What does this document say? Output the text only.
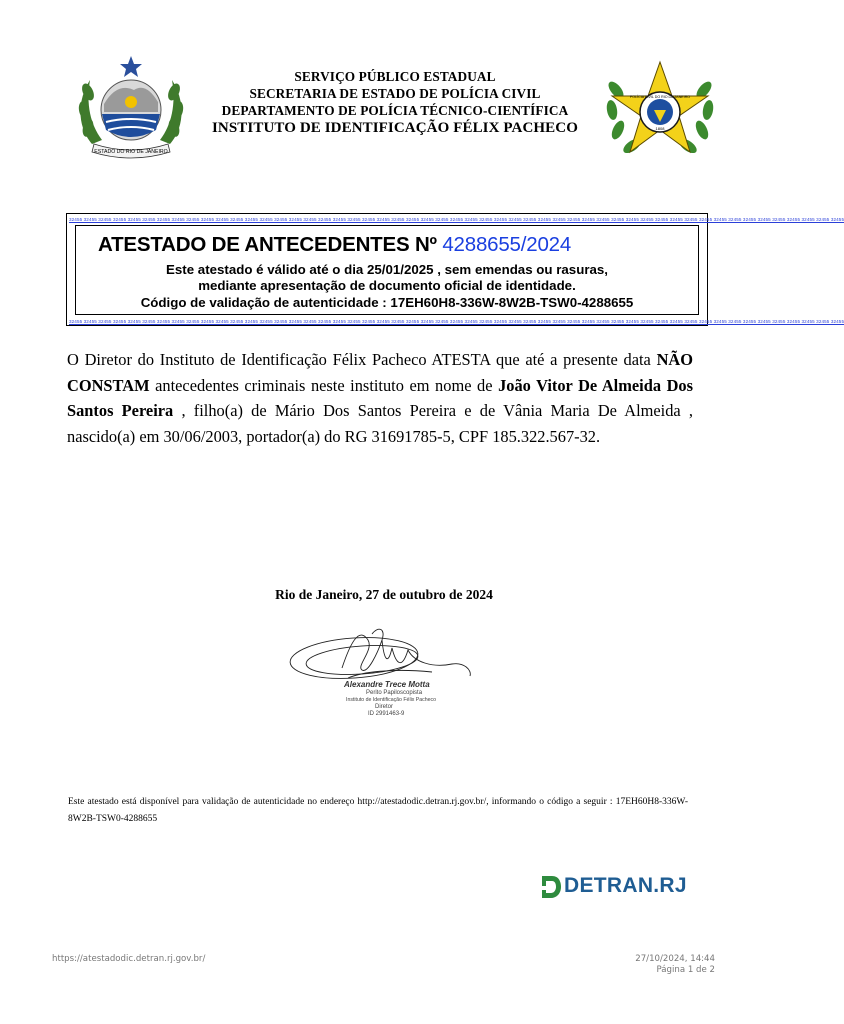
ESTADO DO RIO DE JANEIRO
SERVIÇO PÚBLICO ESTADUAL
SECRETARIA DE ESTADO DE POLÍCIA CIVIL
DEPARTAMENTO DE POLÍCIA TÉCNICO-CIENTÍFICA
INSTITUTO DE IDENTIFICAÇÃO FÉLIX PACHECO	1808
POLÍCIA CIVIL DO RIO DE JANEIRO
32455 32455 32455 32455 32455 32455 32455 32455 32455 32455 32455 32455 32455 32455 32455 32455 32455 32455 32455 32455 32455 32455 32455 32455 32455 32455 32455 32455 32455 32455 32455 32455 32455 32455 32455 32455 32455 32455 32455 32455 32455 32455 32455 32455 32455 32455 32455 32455 32455 32455 32455 32455 32455
ATESTADO DE ANTECEDENTES Nº 4288655/2024
Este atestado é válido até o dia 25/01/2025 , sem emendas ou rasuras,
mediante apresentação de documento oficial de identidade.
Código de validação de autenticidade : 17EH60H8-336W-8W2B-TSW0-4288655
32455 32455 32455 32455 32455 32455 32455 32455 32455 32455 32455 32455 32455 32455 32455 32455 32455 32455 32455 32455 32455 32455 32455 32455 32455 32455 32455 32455 32455 32455 32455 32455 32455 32455 32455 32455 32455 32455 32455 32455 32455 32455 32455 32455 32455 32455 32455 32455 32455 32455 32455 32455 32455
O Diretor do Instituto de Identificação Félix Pacheco ATESTA que até a presente data NÃO CONSTAM antecedentes criminais neste instituto em nome de João Vitor De Almeida Dos Santos Pereira , filho(a) de Mário Dos Santos Pereira e de Vânia Maria De Almeida , nascido(a) em 30/06/2003, portador(a) do RG 31691785-5, CPF 185.322.567-32.
Rio de Janeiro, 27 de outubro de 2024
Alexandre Trece Motta
Perito Papiloscopista
Instituto de Identificação Félix Pacheco
Diretor
ID 2991463-9
Este atestado está disponível para validação de autenticidade no endereço http://atestadodic.detran.rj.gov.br/, informando o código a seguir : 17EH60H8-336W-8W2B-TSW0-4288655
DETRAN.RJ
https://atestadodic.detran.rj.gov.br/	27/10/2024, 14:44
Página 1 de 2
